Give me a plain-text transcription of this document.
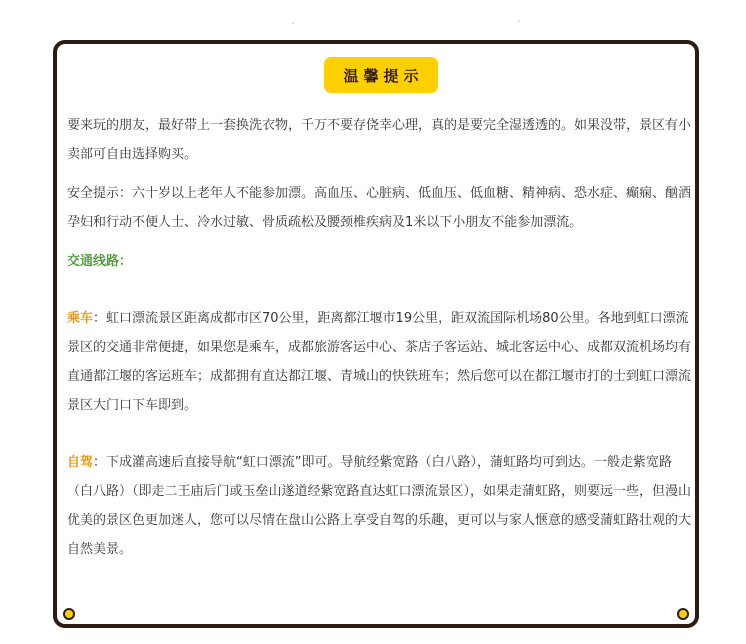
温馨提示

要来玩的朋友，最好带上一套换洗衣物，千万不要存侥幸心理，真的是要完全湿透透的。如果没带，景区有小卖部可自由选择购买。

安全提示：六十岁以上老年人不能参加漂。高血压、心脏病、低血压、低血糖、精神病、恐水症、癫痫、酗酒孕妇和行动不便人士、冷水过敏、骨质疏松及腰颈椎疾病及1米以下小朋友不能参加漂流。

交通线路：

乘车：虹口漂流景区距离成都市区70公里，距离都江堰市19公里，距双流国际机场80公里。各地到虹口漂流景区的交通非常便捷，如果您是乘车，成都旅游客运中心、茶店子客运站、城北客运中心、成都双流机场均有直通都江堰的客运班车；成都拥有直达都江堰、青城山的快铁班车；然后您可以在都江堰市打的士到虹口漂流景区大门口下车即到。

自驾：下成灌高速后直接导航“虹口漂流”即可。导航经紫宽路（白八路），蒲虹路均可到达。一般走紫宽路（白八路）（即走二王庙后门或玉垒山遂道经紫宽路直达虹口漂流景区），如果走蒲虹路，则要远一些，但漫山优美的景区色更加迷人，您可以尽情在盘山公路上享受自驾的乐趣，更可以与家人惬意的感受蒲虹路壮观的大自然美景。
